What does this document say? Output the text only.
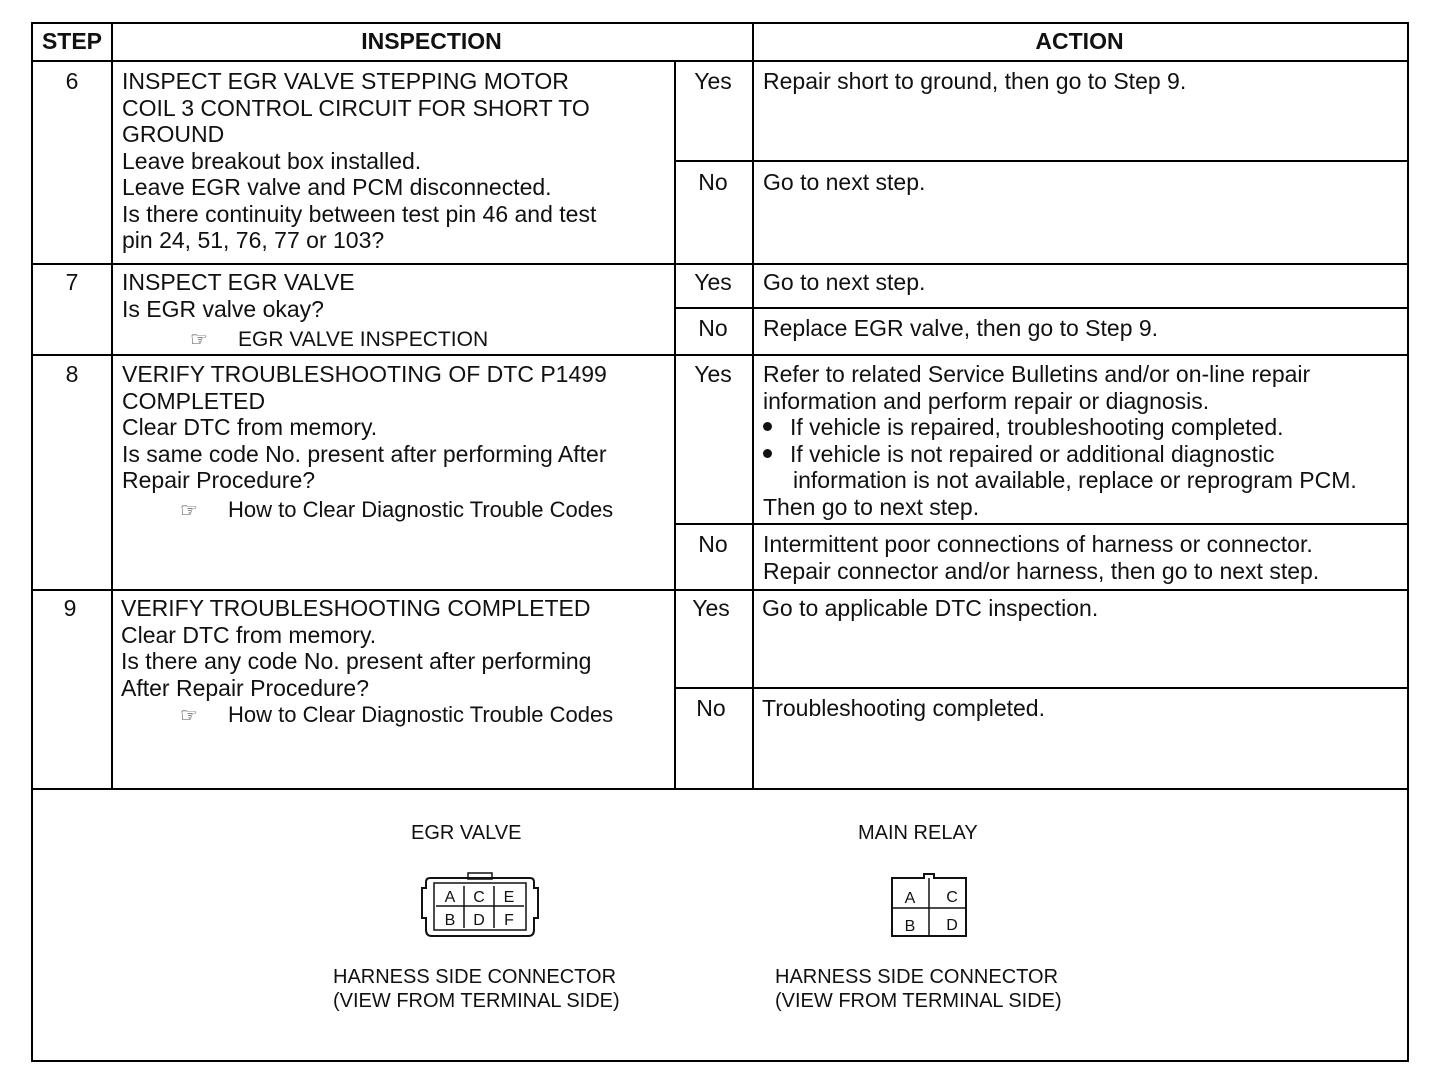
STEP	INSPECTION	ACTION
6	INSPECT EGR VALVE STEPPING MOTOR
COIL 3 CONTROL CIRCUIT FOR SHORT TO
GROUND
Leave breakout box installed.
Leave EGR valve and PCM disconnected.
Is there continuity between test pin 46 and test
pin 24, 51, 76, 77 or 103?
Yes	Repair short to ground, then go to Step 9.
No	Go to next step.
7	INSPECT EGR VALVE
Is EGR valve okay?
☞ EGR VALVE INSPECTION
Yes	Go to next step.
No	Replace EGR valve, then go to Step 9.
8	VERIFY TROUBLESHOOTING OF DTC P1499
COMPLETED
Clear DTC from memory.
Is same code No. present after performing After
Repair Procedure?
☞ How to Clear Diagnostic Trouble Codes
Yes	Refer to related Service Bulletins and/or on-line repair
information and perform repair or diagnosis.
If vehicle is repaired, troubleshooting completed.
If vehicle is not repaired or additional diagnostic
information is not available, replace or reprogram PCM.
Then go to next step.
No	Intermittent poor connections of harness or connector.
Repair connector and/or harness, then go to next step.
9	VERIFY TROUBLESHOOTING COMPLETED
Clear DTC from memory.
Is there any code No. present after performing
After Repair Procedure?
☞ How to Clear Diagnostic Trouble Codes
Yes	Go to applicable DTC inspection.
No	Troubleshooting completed.
EGR VALVE
A C E
B D F
HARNESS SIDE CONNECTOR
(VIEW FROM TERMINAL SIDE)
MAIN RELAY
A C
B D
HARNESS SIDE CONNECTOR
(VIEW FROM TERMINAL SIDE)
